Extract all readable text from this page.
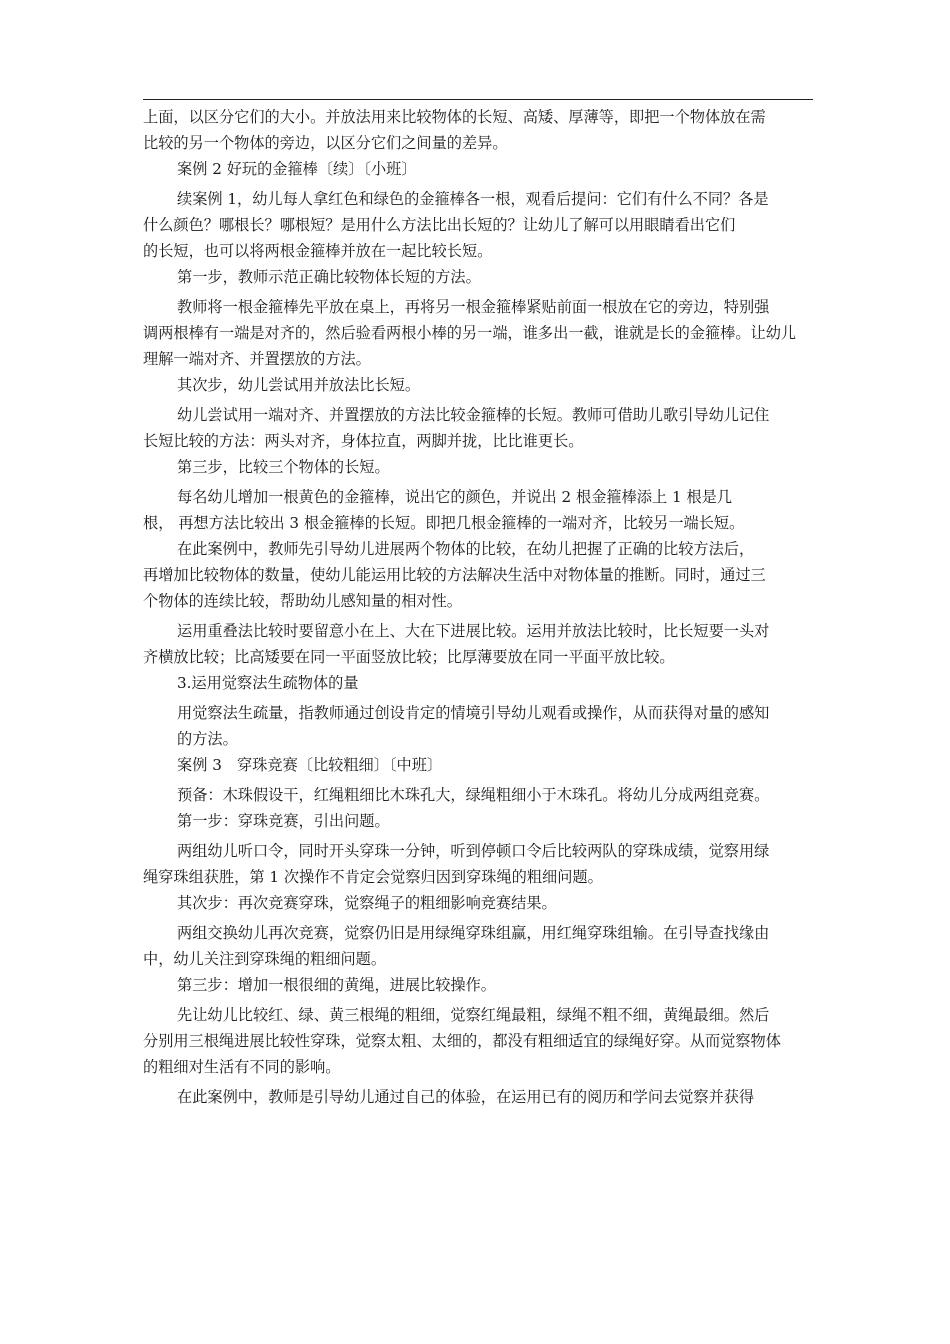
上面，以区分它们的大小。并放法用来比较物体的长短、高矮、厚薄等，即把一个物体放在需
比较的另一个物体的旁边，以区分它们之间量的差异。
案例 2 好玩的金箍棒〔续〕〔小班〕
续案例 1，幼儿每人拿红色和绿色的金箍棒各一根，观看后提问：它们有什么不同？各是
什么颜色？哪根长？哪根短？是用什么方法比出长短的？让幼儿了解可以用眼睛看出它们
的长短，也可以将两根金箍棒并放在一起比较长短。
第一步，教师示范正确比较物体长短的方法。
教师将一根金箍棒先平放在桌上，再将另一根金箍棒紧贴前面一根放在它的旁边，特别强
调两根棒有一端是对齐的，然后验看两根小棒的另一端，谁多出一截，谁就是长的金箍棒。让幼儿
理解一端对齐、并置摆放的方法。
其次步，幼儿尝试用并放法比长短。
幼儿尝试用一端对齐、并置摆放的方法比较金箍棒的长短。教师可借助儿歌引导幼儿记住
长短比较的方法：两头对齐，身体拉直，两脚并拢，比比谁更长。
第三步，比较三个物体的长短。
每名幼儿增加一根黄色的金箍棒，说出它的颜色，并说出 2 根金箍棒添上 1 根是几
根， 再想方法比较出 3 根金箍棒的长短。即把几根金箍棒的一端对齐，比较另一端长短。
在此案例中，教师先引导幼儿进展两个物体的比较，在幼儿把握了正确的比较方法后，
再增加比较物体的数量，使幼儿能运用比较的方法解决生活中对物体量的推断。同时，通过三
个物体的连续比较，帮助幼儿感知量的相对性。
运用重叠法比较时要留意小在上、大在下进展比较。运用并放法比较时，比长短要一头对
齐横放比较；比高矮要在同一平面竖放比较；比厚薄要放在同一平面平放比较。
3.运用觉察法生疏物体的量
用觉察法生疏量，指教师通过创设肯定的情境引导幼儿观看或操作，从而获得对量的感知
的方法。
案例 3　穿珠竞赛〔比较粗细〕〔中班〕
预备：木珠假设干，红绳粗细比木珠孔大，绿绳粗细小于木珠孔。将幼儿分成两组竞赛。
第一步：穿珠竞赛，引出问题。
两组幼儿听口令，同时开头穿珠一分钟，听到停顿口令后比较两队的穿珠成绩，觉察用绿
绳穿珠组获胜，第 1 次操作不肯定会觉察归因到穿珠绳的粗细问题。
其次步：再次竞赛穿珠，觉察绳子的粗细影响竞赛结果。
两组交换幼儿再次竞赛，觉察仍旧是用绿绳穿珠组赢，用红绳穿珠组输。在引导查找缘由
中，幼儿关注到穿珠绳的粗细问题。
第三步：增加一根很细的黄绳，进展比较操作。
先让幼儿比较红、绿、黄三根绳的粗细，觉察红绳最粗，绿绳不粗不细，黄绳最细。然后
分别用三根绳进展比较性穿珠，觉察太粗、太细的，都没有粗细适宜的绿绳好穿。从而觉察物体
的粗细对生活有不同的影响。
在此案例中，教师是引导幼儿通过自己的体验，在运用已有的阅历和学问去觉察并获得
